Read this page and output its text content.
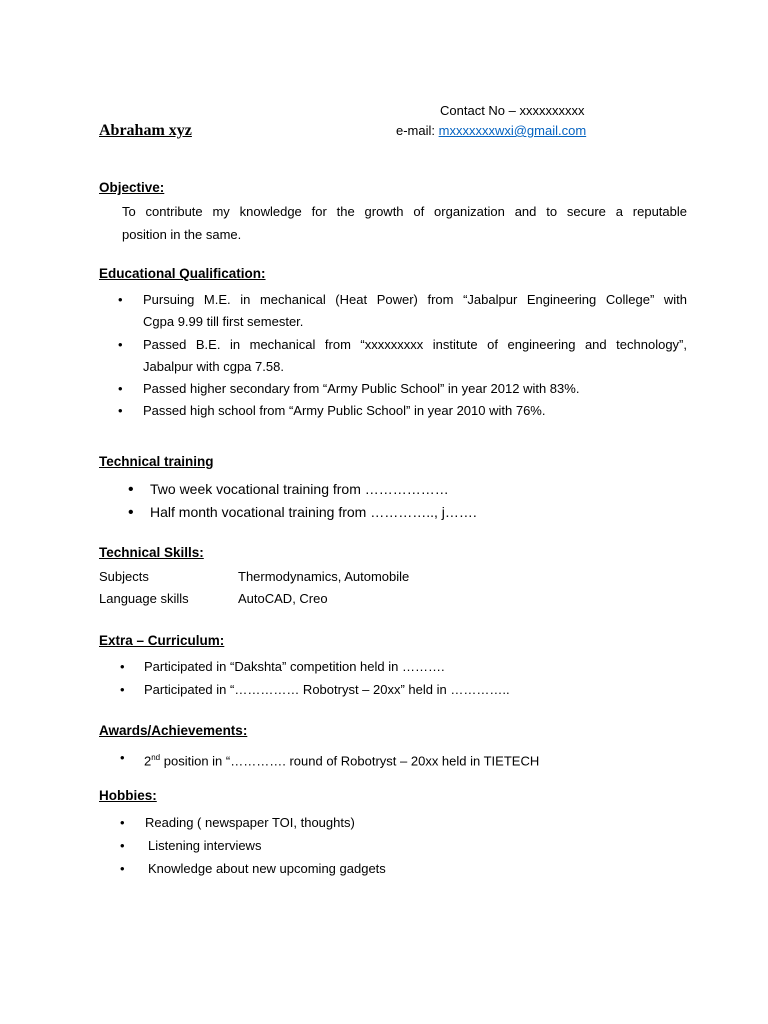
Contact No – xxxxxxxxxx
Abraham xyz	e-mail: mxxxxxxxwxi@gmail.com
Objective:
To contribute my knowledge for the growth of organization and to secure a reputable
position in the same.
Educational Qualification:
• Pursuing M.E. in mechanical (Heat Power) from “Jabalpur Engineering College” with
Cgpa 9.99 till first semester.
• Passed B.E. in mechanical from “xxxxxxxxx institute of engineering and technology”,
Jabalpur with cgpa 7.58.
• Passed higher secondary from “Army Public School” in year 2012 with 83%.
• Passed high school from “Army Public School” in year 2010 with 76%.
Technical training
• Two week vocational training from ………………
• Half month vocational training from ………….., j…….
Technical Skills:
Subjects	Thermodynamics, Automobile
Language skills	AutoCAD, Creo
Extra – Curriculum:
• Participated in “Dakshta” competition held in ……….
• Participated in “…………… Robotryst – 20xx” held in …………..
Awards/Achievements:
• 2nd position in “…………. round of Robotryst – 20xx held in TIETECH
Hobbies:
• Reading ( newspaper TOI, thoughts)
• Listening interviews
• Knowledge about new upcoming gadgets
